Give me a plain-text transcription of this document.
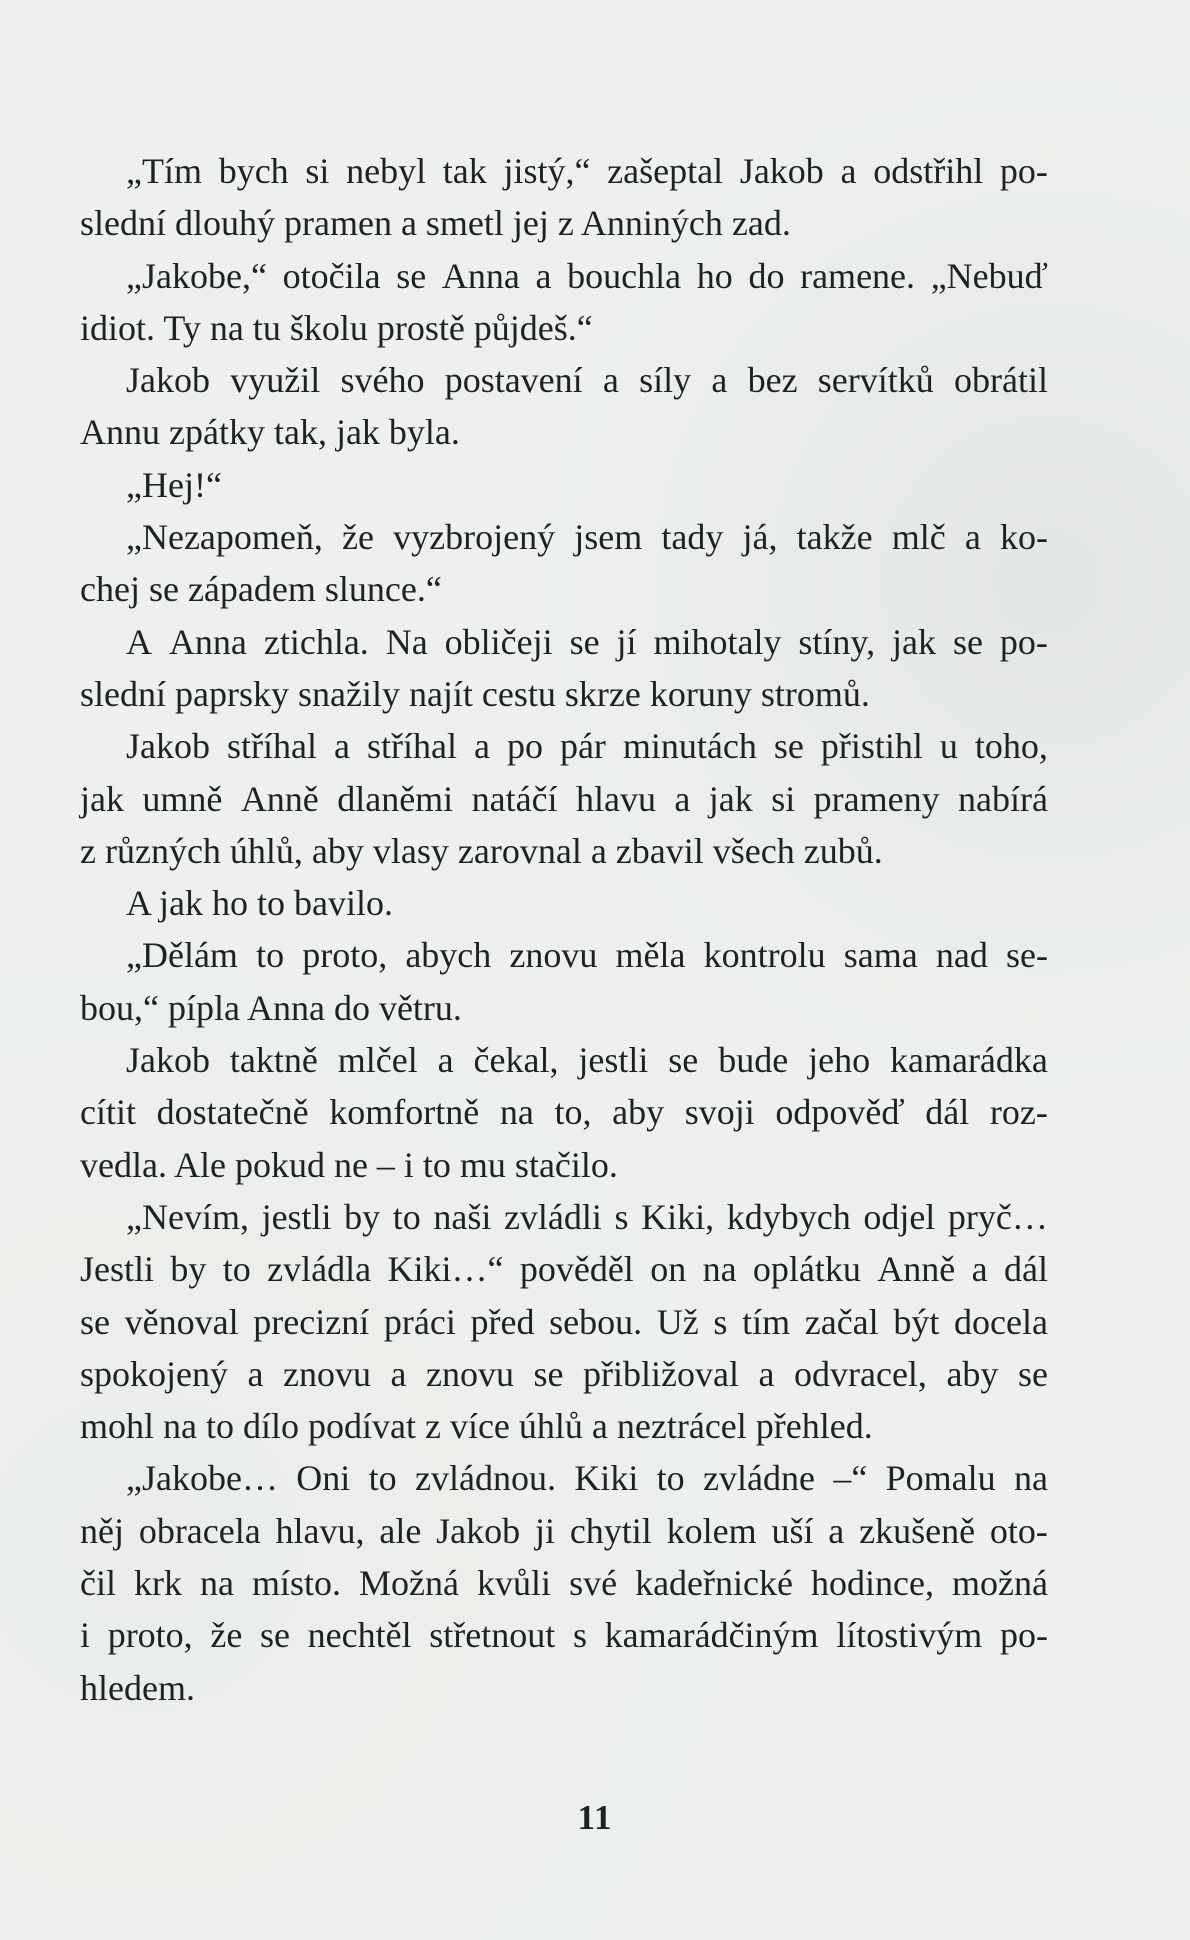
„Tím bych si nebyl tak jistý,“ zašeptal Jakob a odstřihl po-
slední dlouhý pramen a smetl jej z Anniných zad.
„Jakobe,“ otočila se Anna a bouchla ho do ramene. „Nebuď
idiot. Ty na tu školu prostě půjdeš.“
Jakob využil svého postavení a síly a bez servítků obrátil
Annu zpátky tak, jak byla.
„Hej!“
„Nezapomeň, že vyzbrojený jsem tady já, takže mlč a ko-
chej se západem slunce.“
A Anna ztichla. Na obličeji se jí mihotaly stíny, jak se po-
slední paprsky snažily najít cestu skrze koruny stromů.
Jakob stříhal a stříhal a po pár minutách se přistihl u toho,
jak umně Anně dlaněmi natáčí hlavu a jak si prameny nabírá
z různých úhlů, aby vlasy zarovnal a zbavil všech zubů.
A jak ho to bavilo.
„Dělám to proto, abych znovu měla kontrolu sama nad se-
bou,“ pípla Anna do větru.
Jakob taktně mlčel a čekal, jestli se bude jeho kamarádka
cítit dostatečně komfortně na to, aby svoji odpověď dál roz-
vedla. Ale pokud ne – i to mu stačilo.
„Nevím, jestli by to naši zvládli s Kiki, kdybych odjel pryč…
Jestli by to zvládla Kiki…“ pověděl on na oplátku Anně a dál
se věnoval precizní práci před sebou. Už s tím začal být docela
spokojený a znovu a znovu se přibližoval a odvracel, aby se
mohl na to dílo podívat z více úhlů a neztrácel přehled.
„Jakobe… Oni to zvládnou. Kiki to zvládne –“ Pomalu na
něj obracela hlavu, ale Jakob ji chytil kolem uší a zkušeně oto-
čil krk na místo. Možná kvůli své kadeřnické hodince, možná
i proto, že se nechtěl střetnout s kamarádčiným lítostivým po-
hledem.
11
